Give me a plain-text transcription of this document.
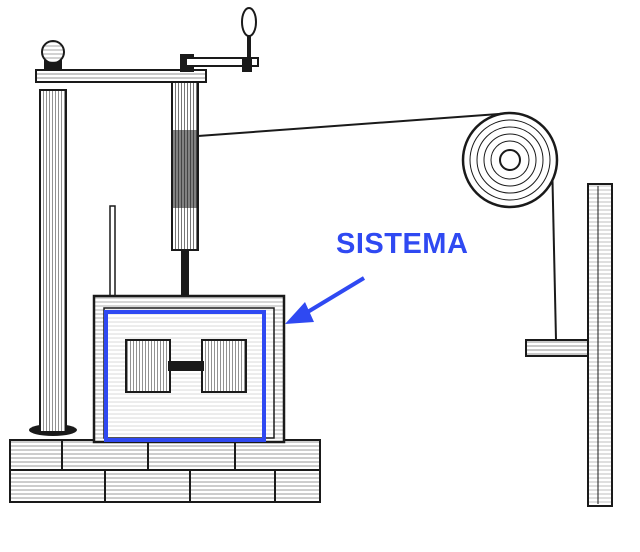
SISTEMA
